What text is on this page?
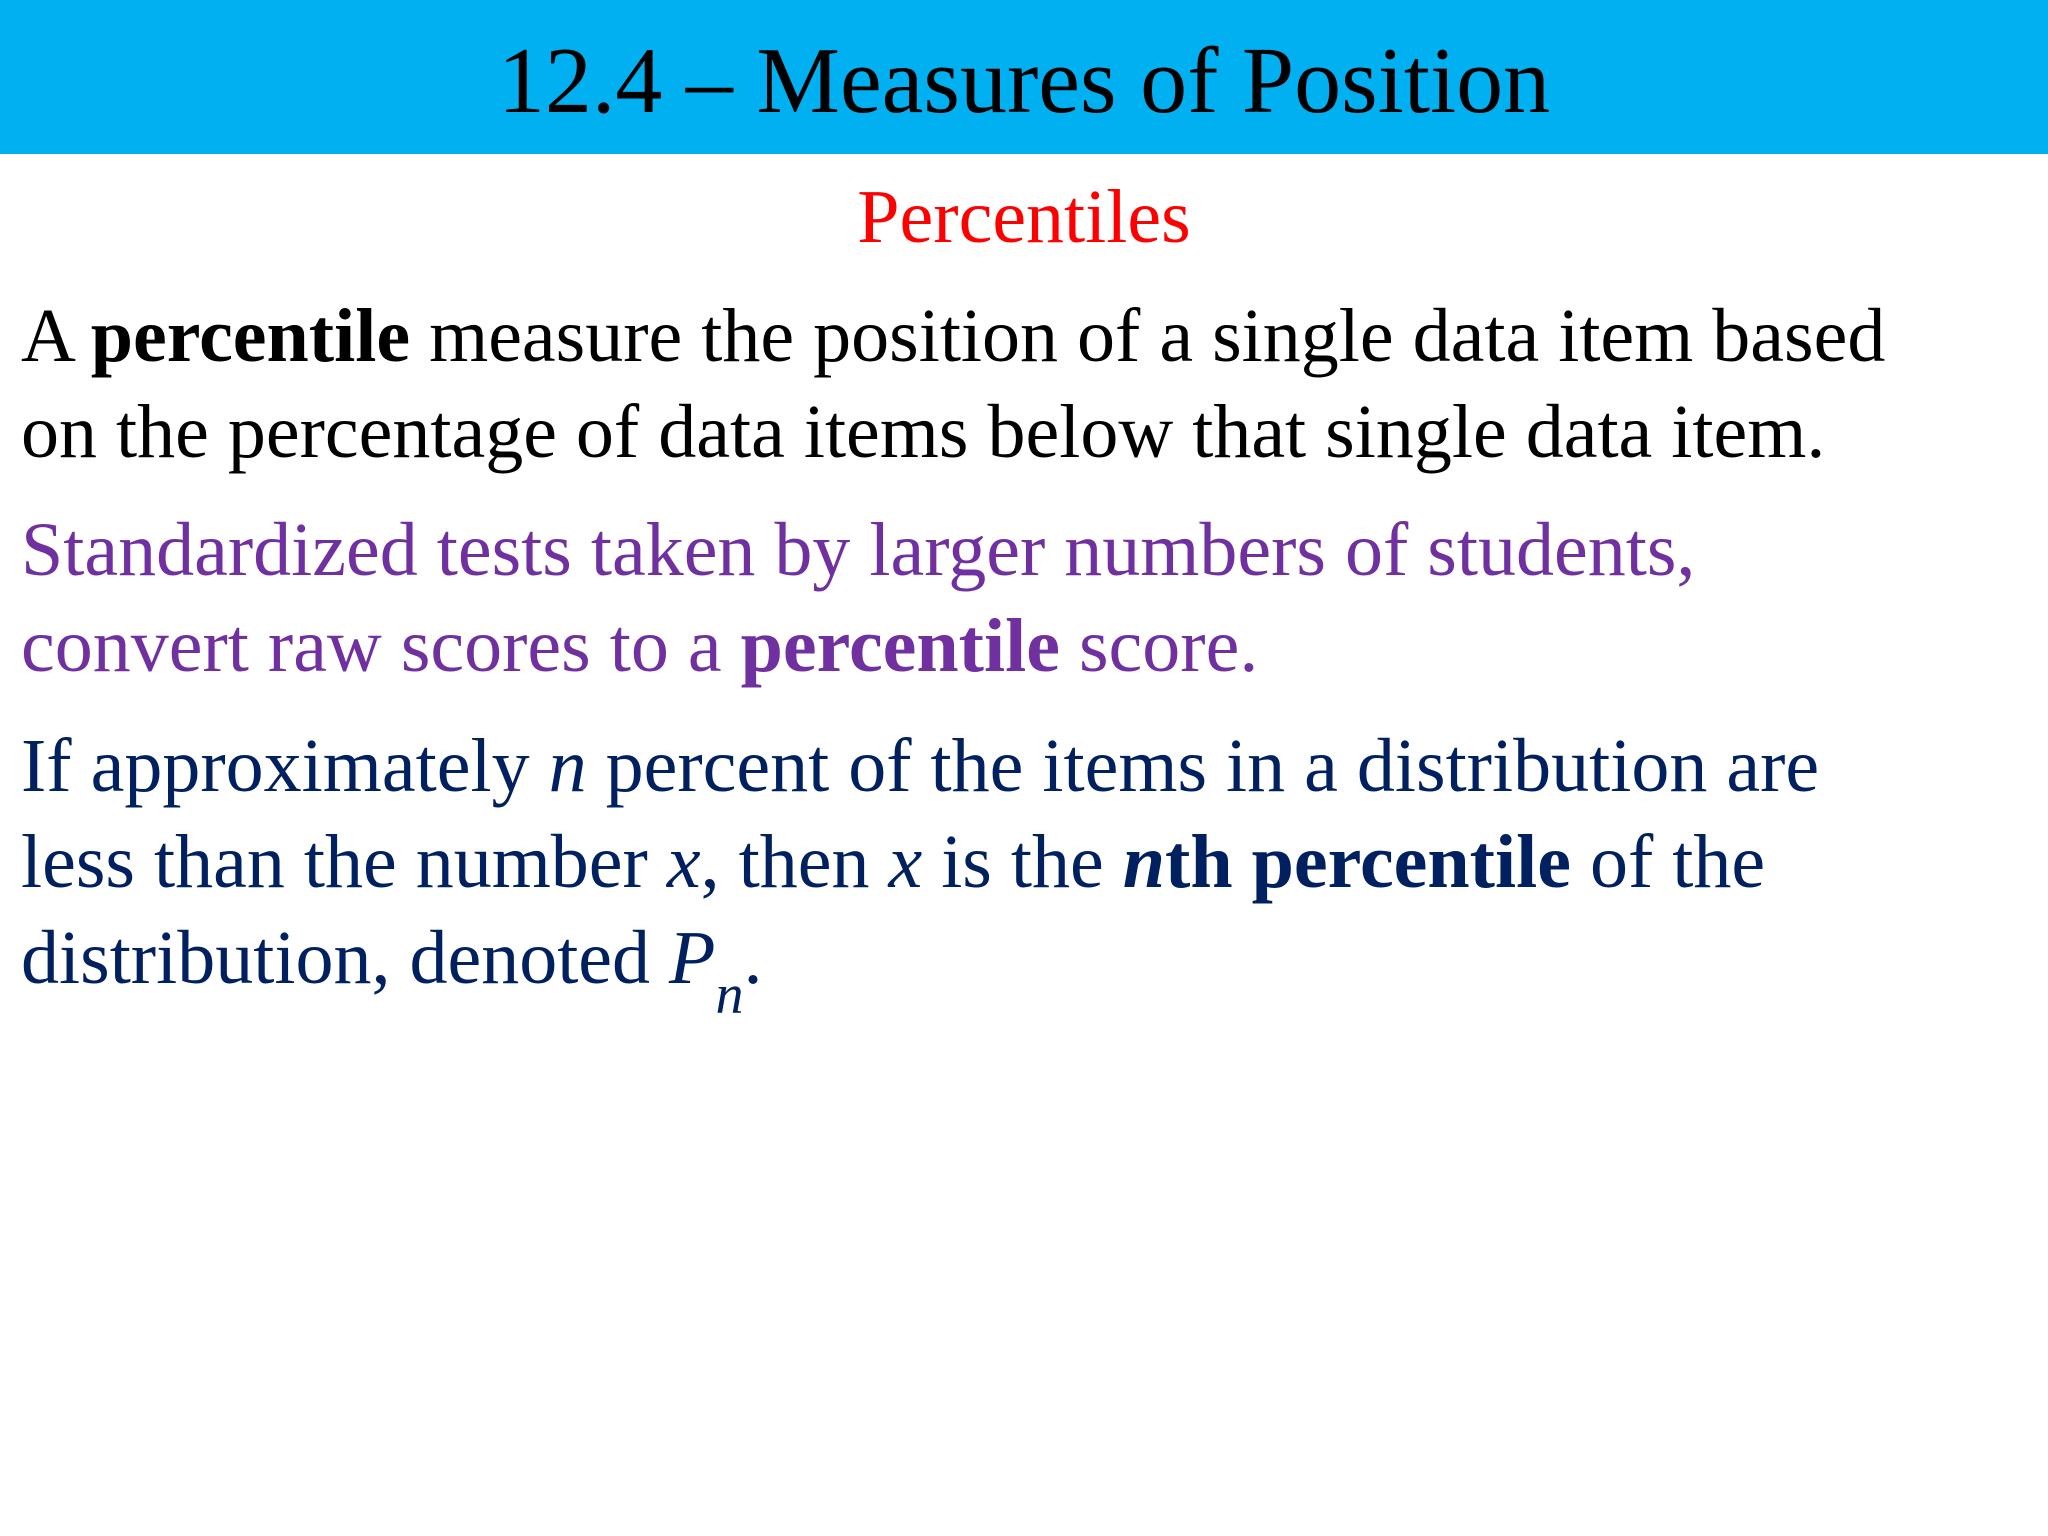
12.4 – Measures of Position
Percentiles

A percentile measure the position of a single data item based
on the percentage of data items below that single data item.

Standardized tests taken by larger numbers of students,
convert raw scores to a percentile score.

If approximately n percent of the items in a distribution are
less than the number x, then x is the nth percentile of the
distribution, denoted $P_n$.
